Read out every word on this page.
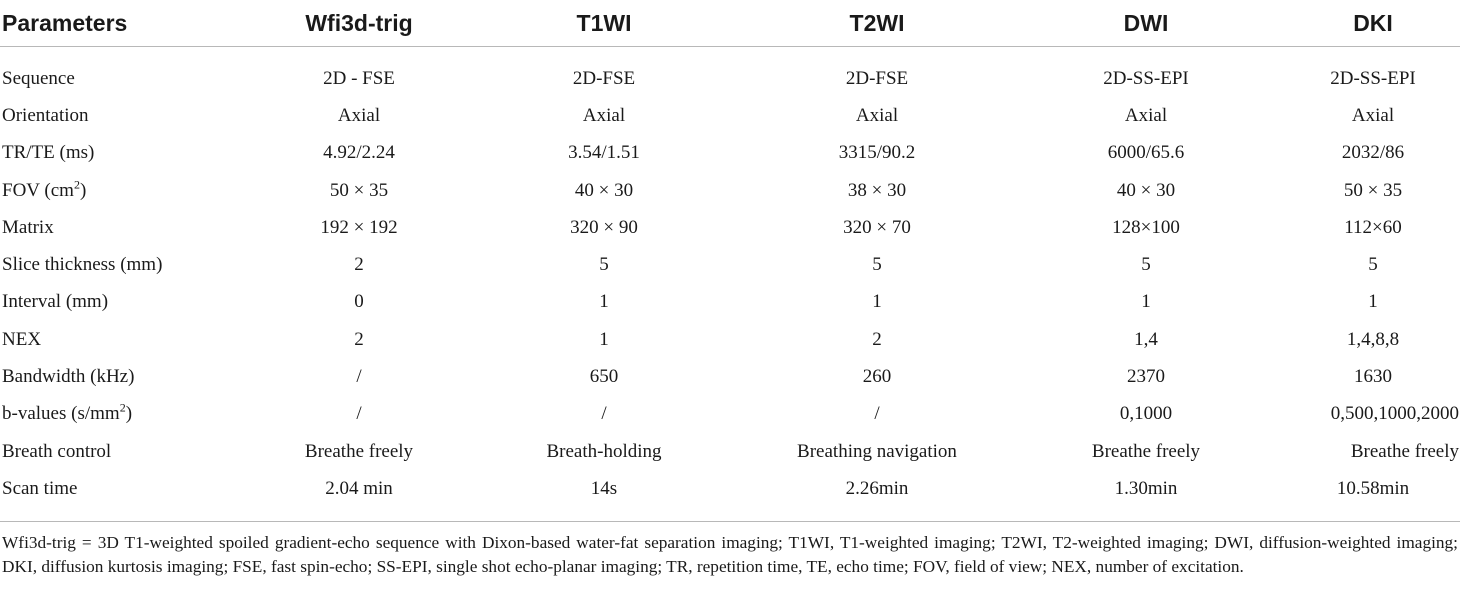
Parameters	Wfi3d-trig	T1WI	T2WI	DWI	DKI

Sequence	2D - FSE	2D-FSE	2D-FSE	2D-SS-EPI	2D-SS-EPI
Orientation	Axial	Axial	Axial	Axial	Axial
TR/TE (ms)	4.92/2.24	3.54/1.51	3315/90.2	6000/65.6	2032/86
FOV $(cm^2)$	50 × 35	40 × 30	38 × 30	40 × 30	50 × 35
Matrix	192 × 192	320 × 90	320 × 70	128×100	112×60
Slice thickness (mm)	2	5	5	5	5
Interval (mm)	0	1	1	1	1
NEX	2	1	2	1,4	1,4,8,8
Bandwidth (kHz)	/	650	260	2370	1630
b-values $(s/mm^2)$	/	/	/	0,1000	0,500,1000,2000
Breath control	Breathe freely	Breath-holding	Breathing navigation	Breathe freely	Breathe freely
Scan time	2.04 min	14s	2.26min	1.30min	10.58min
Wfi3d-trig = 3D T1-weighted spoiled gradient-echo sequence with Dixon-based water-fat separation imaging; T1WI, T1-weighted imaging; T2WI, T2-weighted imaging; DWI, diffusion-weighted imaging; DKI, diffusion kurtosis imaging; FSE, fast spin-echo; SS-EPI, single shot echo-planar imaging; TR, repetition time, TE, echo time; FOV, field of view; NEX, number of excitation.
